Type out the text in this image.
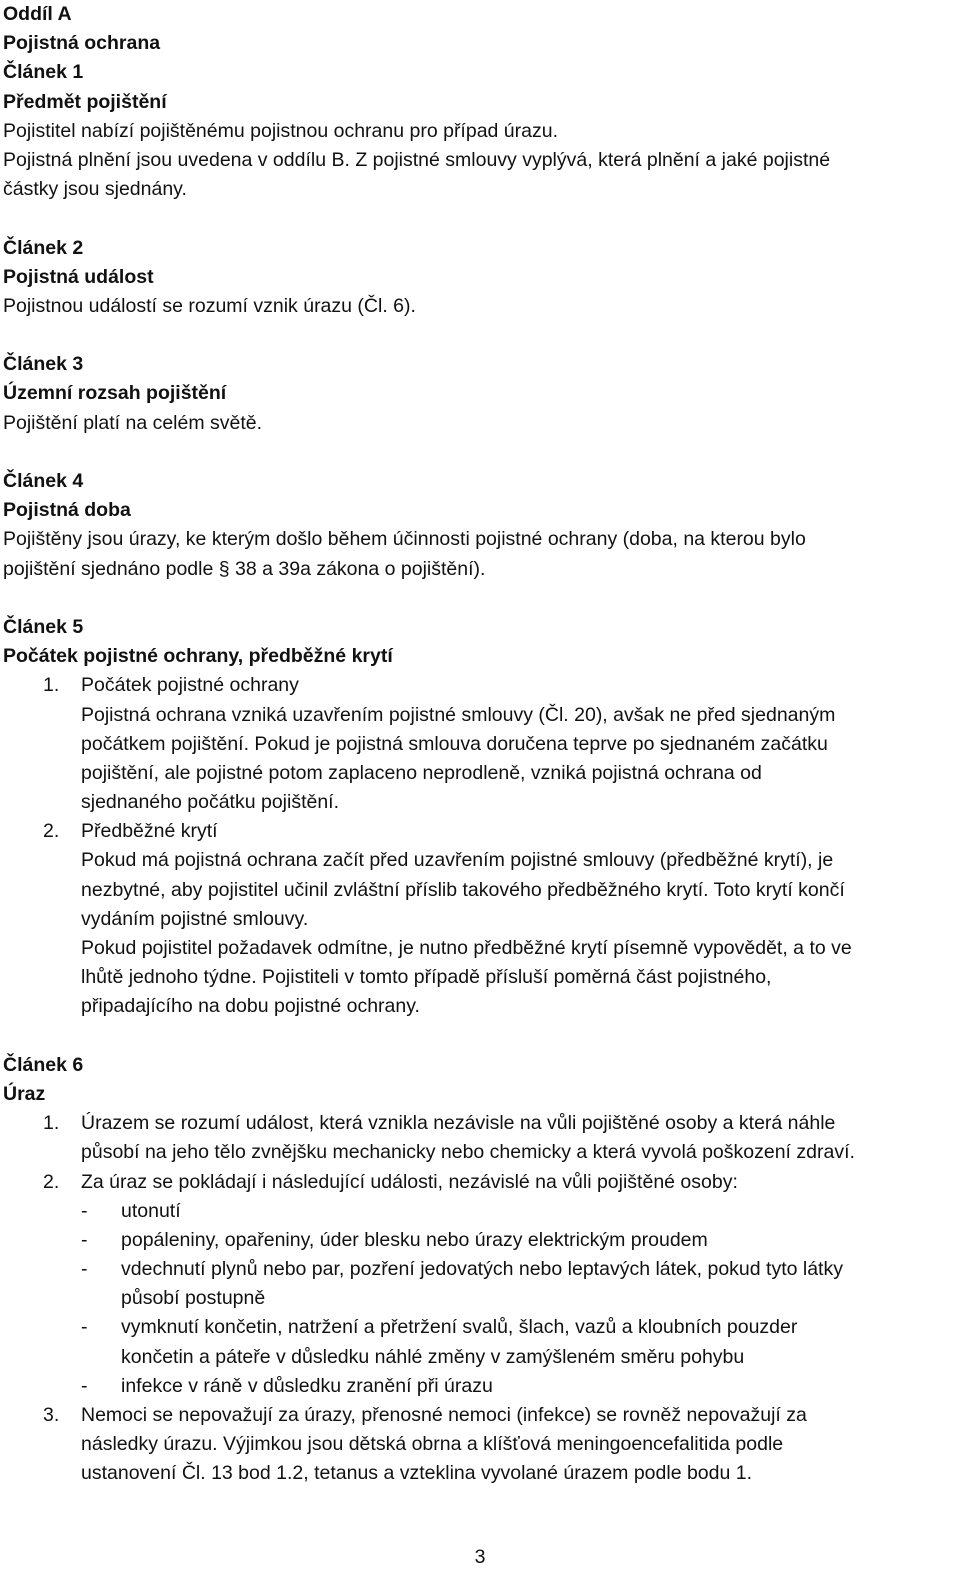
Oddíl A
Pojistná ochrana
Článek 1
Předmět pojištění
Pojistitel nabízí pojištěnému pojistnou ochranu pro případ úrazu.
Pojistná plnění jsou uvedena v oddílu B. Z pojistné smlouvy vyplývá, která plnění a jaké pojistné
částky jsou sjednány.
Článek 2
Pojistná událost
Pojistnou událostí se rozumí vznik úrazu (Čl. 6).
Článek 3
Územní rozsah pojištění
Pojištění platí na celém světě.
Článek 4
Pojistná doba
Pojištěny jsou úrazy, ke kterým došlo během účinnosti pojistné ochrany (doba, na kterou bylo
pojištění sjednáno podle § 38 a 39a zákona o pojištění).
Článek 5
Počátek pojistné ochrany, předběžné krytí
1.	Počátek pojistné ochrany
Pojistná ochrana vzniká uzavřením pojistné smlouvy (Čl. 20), avšak ne před sjednaným
počátkem pojištění. Pokud je pojistná smlouva doručena teprve po sjednaném začátku
pojištění, ale pojistné potom zaplaceno neprodleně, vzniká pojistná ochrana od
sjednaného počátku pojištění.
2.	Předběžné krytí
Pokud má pojistná ochrana začít před uzavřením pojistné smlouvy (předběžné krytí), je
nezbytné, aby pojistitel učinil zvláštní příslib takového předběžného krytí. Toto krytí končí
vydáním pojistné smlouvy.
Pokud pojistitel požadavek odmítne, je nutno předběžné krytí písemně vypovědět, a to ve
lhůtě jednoho týdne. Pojistiteli v tomto případě přísluší poměrná část pojistného,
připadajícího na dobu pojistné ochrany.
Článek 6
Úraz
1.	Úrazem se rozumí událost, která vznikla nezávisle na vůli pojištěné osoby a která náhle
působí na jeho tělo zvnějšku mechanicky nebo chemicky a která vyvolá poškození zdraví.
2.	Za úraz se pokládají i následující události, nezávislé na vůli pojištěné osoby:
-	utonutí
-	popáleniny, opařeniny, úder blesku nebo úrazy elektrickým proudem
-	vdechnutí plynů nebo par, pozření jedovatých nebo leptavých látek, pokud tyto látky
působí postupně
-	vymknutí končetin, natržení a přetržení svalů, šlach, vazů a kloubních pouzder
končetin a páteře v důsledku náhlé změny v zamýšleném směru pohybu
-	infekce v ráně v důsledku zranění při úrazu
3.	Nemoci se nepovažují za úrazy, přenosné nemoci (infekce) se rovněž nepovažují za
následky úrazu. Výjimkou jsou dětská obrna a klíšťová meningoencefalitida podle
ustanovení Čl. 13 bod 1.2, tetanus a vzteklina vyvolané úrazem podle bodu 1.
3
